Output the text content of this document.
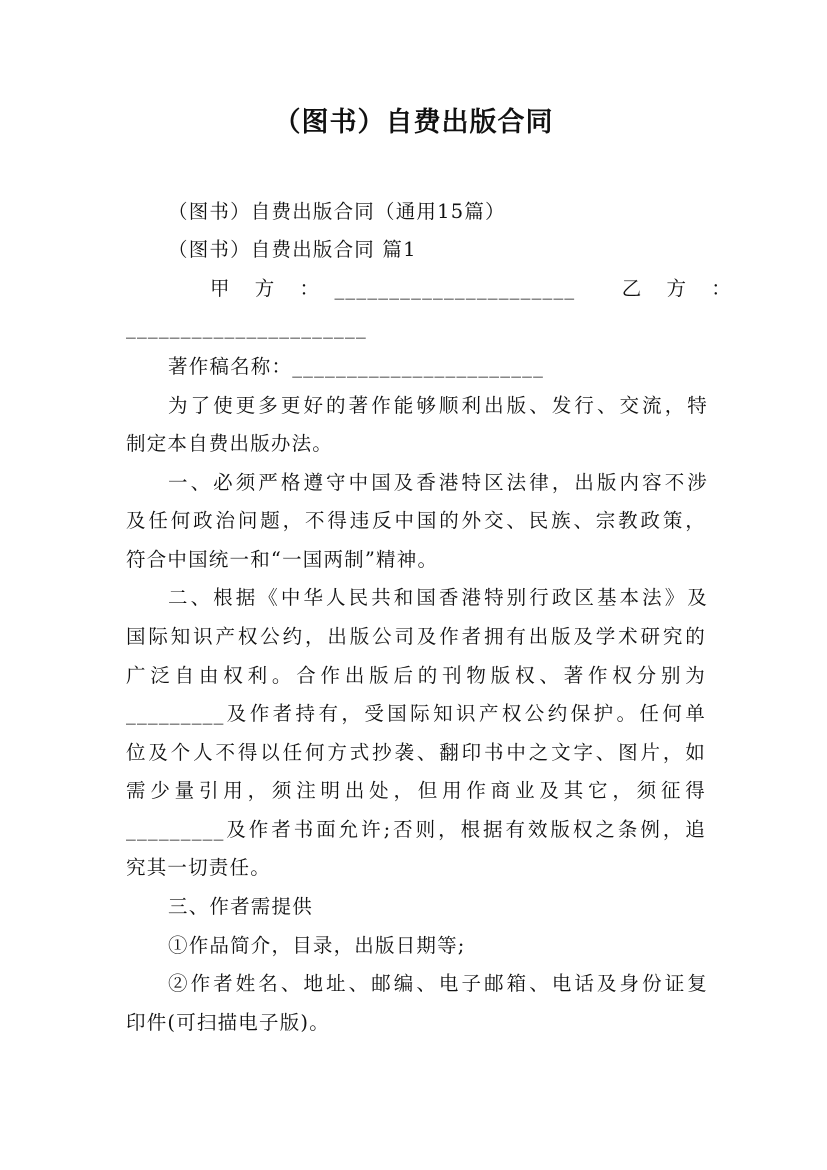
（图书）自费出版合同
（图书）自费出版合同（通用15篇）
（图书）自费出版合同 篇1
甲　方　：　______________________　　乙　方　：
______________________
著作稿名称：_______________________
为了使更多更好的著作能够顺利出版、发行、交流，特
制定本自费出版办法。
一、必须严格遵守中国及香港特区法律，出版内容不涉
及任何政治问题，不得违反中国的外交、民族、宗教政策，
符合中国统一和“一国两制”精神。
二、根据《中华人民共和国香港特别行政区基本法》及
国际知识产权公约，出版公司及作者拥有出版及学术研究的
广泛自由权利。合作出版后的刊物版权、著作权分别为
_________及作者持有，受国际知识产权公约保护。任何单
位及个人不得以任何方式抄袭、翻印书中之文字、图片，如
需少量引用，须注明出处，但用作商业及其它，须征得
_________及作者书面允许;否则，根据有效版权之条例，追
究其一切责任。
三、作者需提供
①作品简介，目录，出版日期等;
②作者姓名、地址、邮编、电子邮箱、电话及身份证复
印件(可扫描电子版)。
